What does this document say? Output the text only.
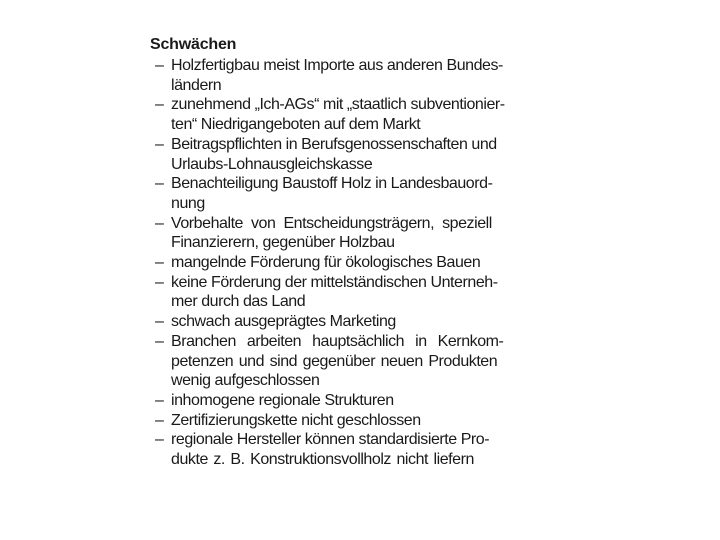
Schwächen
– Holzfertigbau meist Importe aus anderen Bundes-
ländern
– zunehmend „Ich-AGs“ mit „staatlich subventionier-
ten“ Niedrigangeboten auf dem Markt
– Beitragspflichten in Berufsgenossenschaften und
Urlaubs-Lohnausgleichskasse
– Benachteiligung Baustoff Holz in Landesbauord-
nung
– Vorbehalte von Entscheidungsträgern, speziell
Finanzierern, gegenüber Holzbau
– mangelnde Förderung für ökologisches Bauen
– keine Förderung der mittelständischen Unterneh-
mer durch das Land
– schwach ausgeprägtes Marketing
– Branchen arbeiten hauptsächlich in Kernkom-
petenzen und sind gegenüber neuen Produkten
wenig aufgeschlossen
– inhomogene regionale Strukturen
– Zertifizierungskette nicht geschlossen
– regionale Hersteller können standardisierte Pro-
dukte z. B. Konstruktionsvollholz nicht liefern
